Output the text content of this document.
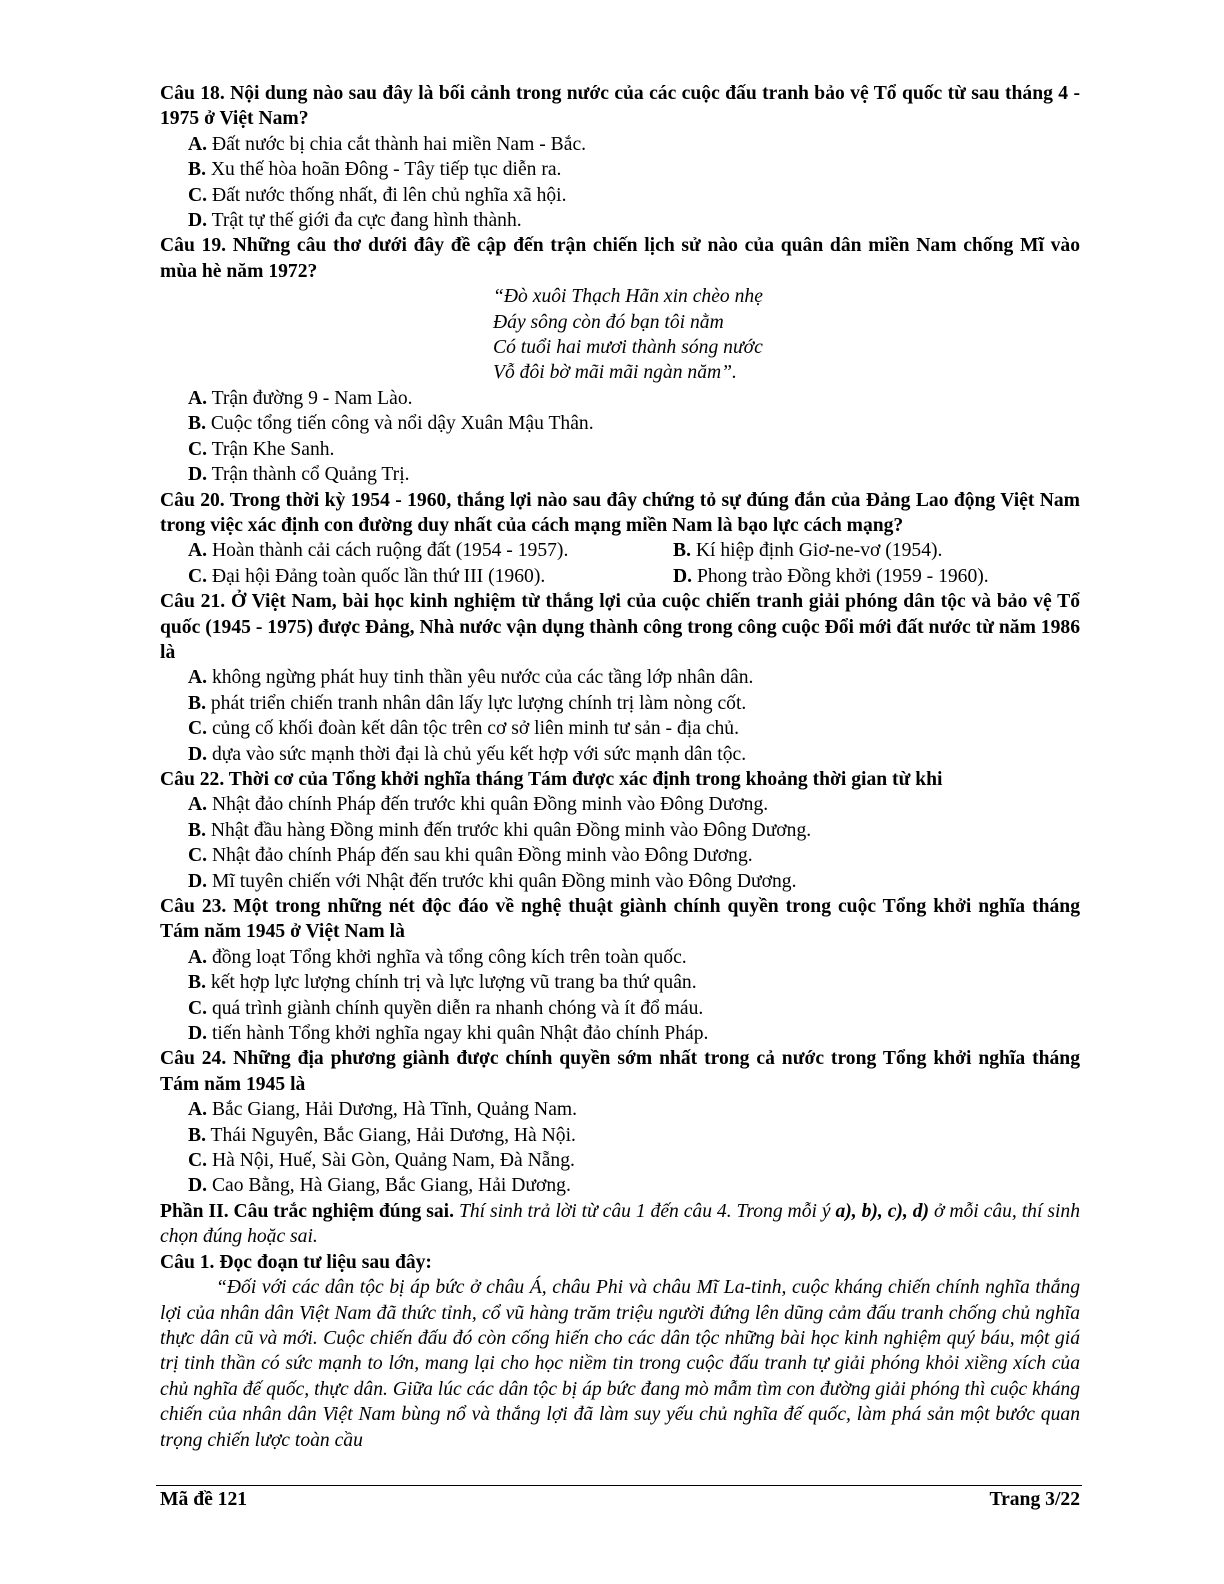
Câu 18. Nội dung nào sau đây là bối cảnh trong nước của các cuộc đấu tranh bảo vệ Tổ quốc từ sau tháng 4 - 1975 ở Việt Nam?

A. Đất nước bị chia cắt thành hai miền Nam - Bắc.

B. Xu thế hòa hoãn Đông - Tây tiếp tục diễn ra.

C. Đất nước thống nhất, đi lên chủ nghĩa xã hội.

D. Trật tự thế giới đa cực đang hình thành.

Câu 19. Những câu thơ dưới đây đề cập đến trận chiến lịch sử nào của quân dân miền Nam chống Mĩ vào mùa hè năm 1972?

“Đò xuôi Thạch Hãn xin chèo nhẹ

Đáy sông còn đó bạn tôi nằm

Có tuổi hai mươi thành sóng nước

Vỗ đôi bờ mãi mãi ngàn năm”.

A. Trận đường 9 - Nam Lào.

B. Cuộc tổng tiến công và nổi dậy Xuân Mậu Thân.

C. Trận Khe Sanh.

D. Trận thành cổ Quảng Trị.

Câu 20. Trong thời kỳ 1954 - 1960, thắng lợi nào sau đây chứng tỏ sự đúng đắn của Đảng Lao động Việt Nam trong việc xác định con đường duy nhất của cách mạng miền Nam là bạo lực cách mạng?

A. Hoàn thành cải cách ruộng đất (1954 - 1957).	B. Kí hiệp định Giơ-ne-vơ (1954).
C. Đại hội Đảng toàn quốc lần thứ III (1960).	D. Phong trào Đồng khởi (1959 - 1960).

Câu 21. Ở Việt Nam, bài học kinh nghiệm từ thắng lợi của cuộc chiến tranh giải phóng dân tộc và bảo vệ Tổ quốc (1945 - 1975) được Đảng, Nhà nước vận dụng thành công trong công cuộc Đổi mới đất nước từ năm 1986 là

A. không ngừng phát huy tinh thần yêu nước của các tầng lớp nhân dân.

B. phát triển chiến tranh nhân dân lấy lực lượng chính trị làm nòng cốt.

C. củng cố khối đoàn kết dân tộc trên cơ sở liên minh tư sản - địa chủ.

D. dựa vào sức mạnh thời đại là chủ yếu kết hợp với sức mạnh dân tộc.

Câu 22. Thời cơ của Tổng khởi nghĩa tháng Tám được xác định trong khoảng thời gian từ khi

A. Nhật đảo chính Pháp đến trước khi quân Đồng minh vào Đông Dương.

B. Nhật đầu hàng Đồng minh đến trước khi quân Đồng minh vào Đông Dương.

C. Nhật đảo chính Pháp đến sau khi quân Đồng minh vào Đông Dương.

D. Mĩ tuyên chiến với Nhật đến trước khi quân Đồng minh vào Đông Dương.

Câu 23. Một trong những nét độc đáo về nghệ thuật giành chính quyền trong cuộc Tổng khởi nghĩa tháng Tám năm 1945 ở Việt Nam là

A. đồng loạt Tổng khởi nghĩa và tổng công kích trên toàn quốc.

B. kết hợp lực lượng chính trị và lực lượng vũ trang ba thứ quân.

C. quá trình giành chính quyền diễn ra nhanh chóng và ít đổ máu.

D. tiến hành Tổng khởi nghĩa ngay khi quân Nhật đảo chính Pháp.

Câu 24. Những địa phương giành được chính quyền sớm nhất trong cả nước trong Tổng khởi nghĩa tháng Tám năm 1945 là

A. Bắc Giang, Hải Dương, Hà Tĩnh, Quảng Nam.

B. Thái Nguyên, Bắc Giang, Hải Dương, Hà Nội.

C. Hà Nội, Huế, Sài Gòn, Quảng Nam, Đà Nẵng.

D. Cao Bằng, Hà Giang, Bắc Giang, Hải Dương.

Phần II. Câu trắc nghiệm đúng sai. Thí sinh trả lời từ câu 1 đến câu 4. Trong mỗi ý a), b), c), d) ở mỗi câu, thí sinh chọn đúng hoặc sai.

Câu 1. Đọc đoạn tư liệu sau đây:

“Đối với các dân tộc bị áp bức ở châu Á, châu Phi và châu Mĩ La-tinh, cuộc kháng chiến chính nghĩa thắng lợi của nhân dân Việt Nam đã thức tỉnh, cổ vũ hàng trăm triệu người đứng lên dũng cảm đấu tranh chống chủ nghĩa thực dân cũ và mới. Cuộc chiến đấu đó còn cống hiến cho các dân tộc những bài học kinh nghiệm quý báu, một giá trị tinh thần có sức mạnh to lớn, mang lại cho học niềm tin trong cuộc đấu tranh tự giải phóng khỏi xiềng xích của chủ nghĩa đế quốc, thực dân. Giữa lúc các dân tộc bị áp bức đang mò mẫm tìm con đường giải phóng thì cuộc kháng chiến của nhân dân Việt Nam bùng nổ và thắng lợi đã làm suy yếu chủ nghĩa đế quốc, làm phá sản một bước quan trọng chiến lược toàn cầu

Mã đề 121	Trang 3/22
